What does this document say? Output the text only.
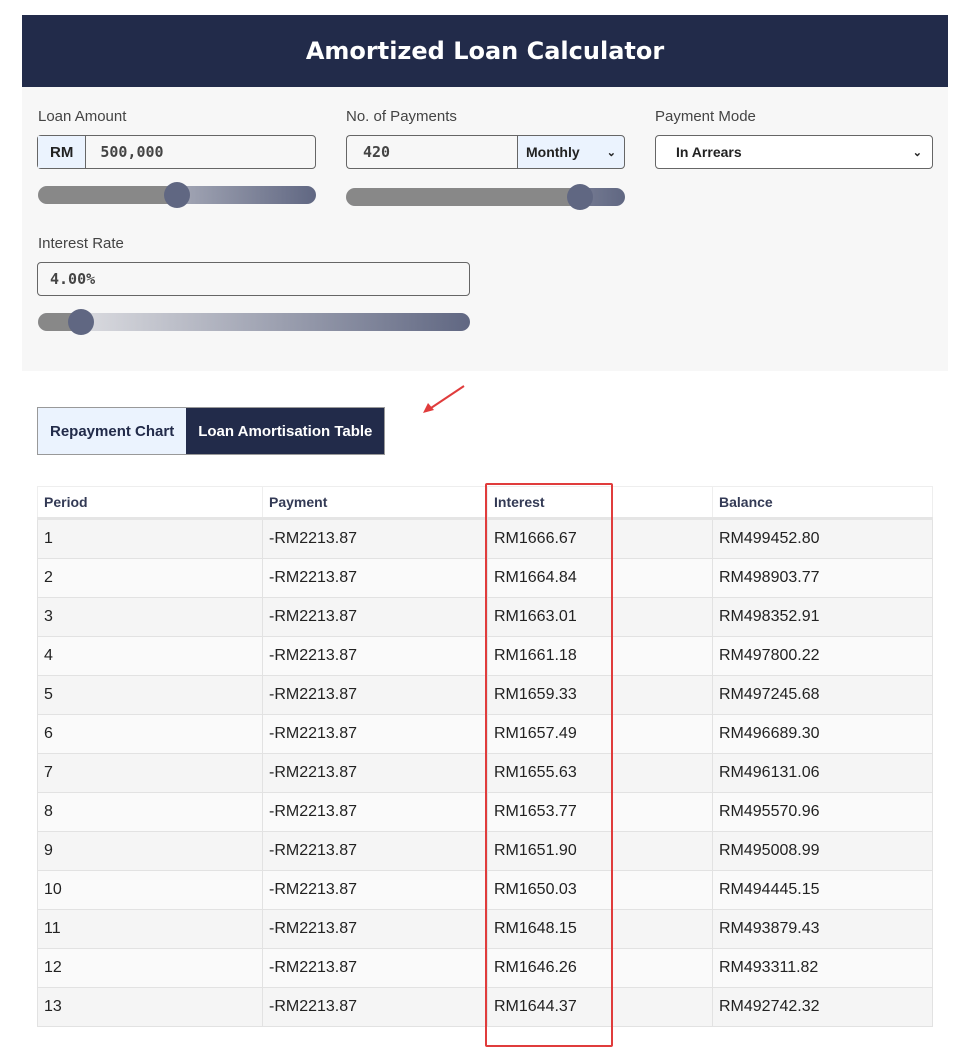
Amortized Loan Calculator
Loan Amount
RM	500,000
No. of Payments
420	Monthly ⌄
Payment Mode
In Arrears	⌄
Interest Rate
4.00%
Repayment Chart	Loan Amortisation Table
Period	Payment	Interest	Balance
1	-RM2213.87	RM1666.67	RM499452.80
2	-RM2213.87	RM1664.84	RM498903.77
3	-RM2213.87	RM1663.01	RM498352.91
4	-RM2213.87	RM1661.18	RM497800.22
5	-RM2213.87	RM1659.33	RM497245.68
6	-RM2213.87	RM1657.49	RM496689.30
7	-RM2213.87	RM1655.63	RM496131.06
8	-RM2213.87	RM1653.77	RM495570.96
9	-RM2213.87	RM1651.90	RM495008.99
10	-RM2213.87	RM1650.03	RM494445.15
11	-RM2213.87	RM1648.15	RM493879.43
12	-RM2213.87	RM1646.26	RM493311.82
13	-RM2213.87	RM1644.37	RM492742.32
